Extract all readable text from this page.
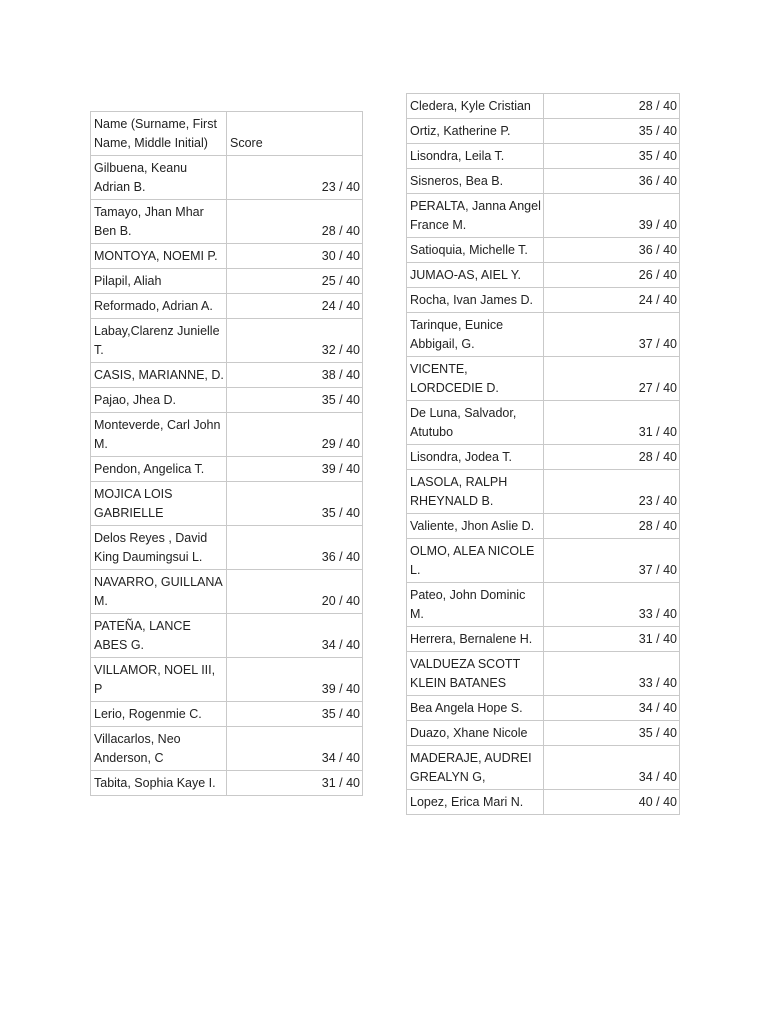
Name (Surname, First Name, Middle Initial)	Score
Gilbuena, Keanu Adrian B.	23 / 40
Tamayo, Jhan Mhar Ben B.	28 / 40
MONTOYA, NOEMI P.	30 / 40
Pilapil, Aliah	25 / 40
Reformado, Adrian A.	24 / 40
Labay,Clarenz Junielle T.	32 / 40
CASIS, MARIANNE, D.	38 / 40
Pajao, Jhea D.	35 / 40
Monteverde, Carl John M.	29 / 40
Pendon, Angelica T.	39 / 40
MOJICA LOIS GABRIELLE	35 / 40
Delos Reyes , David King Daumingsui L.	36 / 40
NAVARRO, GUILLANA M.	20 / 40
PATEÑA, LANCE ABES G.	34 / 40
VILLAMOR, NOEL III, P	39 / 40
Lerio, Rogenmie C.	35 / 40
Villacarlos, Neo Anderson, C	34 / 40
Tabita, Sophia Kaye I.	31 / 40
Cledera, Kyle Cristian	28 / 40
Ortiz, Katherine P.	35 / 40
Lisondra, Leila T.	35 / 40
Sisneros, Bea B.	36 / 40
PERALTA, Janna Angel France M.	39 / 40
Satioquia, Michelle T.	36 / 40
JUMAO-AS, AIEL Y.	26 / 40
Rocha, Ivan James D.	24 / 40
Tarinque, Eunice Abbigail, G.	37 / 40
VICENTE, LORDCEDIE D.	27 / 40
De Luna, Salvador, Atutubo	31 / 40
Lisondra, Jodea T.	28 / 40
LASOLA, RALPH RHEYNALD B.	23 / 40
Valiente, Jhon Aslie D.	28 / 40
OLMO, ALEA NICOLE L.	37 / 40
Pateo, John Dominic M.	33 / 40
Herrera, Bernalene H.	31 / 40
VALDUEZA SCOTT KLEIN BATANES	33 / 40
Bea Angela Hope S.	34 / 40
Duazo, Xhane Nicole	35 / 40
MADERAJE, AUDREI GREALYN G,	34 / 40
Lopez, Erica Mari N.	40 / 40
